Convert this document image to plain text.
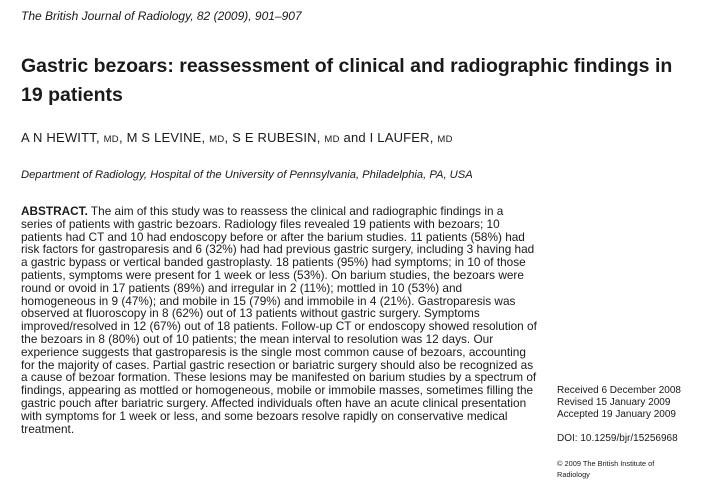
The British Journal of Radiology, 82 (2009), 901–907
Gastric bezoars: reassessment of clinical and radiographic findings in 19 patients
A N HEWITT, MD, M S LEVINE, MD, S E RUBESIN, MD and I LAUFER, MD
Department of Radiology, Hospital of the University of Pennsylvania, Philadelphia, PA, USA

ABSTRACT. The aim of this study was to reassess the clinical and radiographic findings in a series of patients with gastric bezoars. Radiology files revealed 19 patients with bezoars; 10 patients had CT and 10 had endoscopy before or after the barium studies. 11 patients (58%) had risk factors for gastroparesis and 6 (32%) had had previous gastric surgery, including 3 having had a gastric bypass or vertical banded gastroplasty. 18 patients (95%) had symptoms; in 10 of those patients, symptoms were present for 1 week or less (53%). On barium studies, the bezoars were round or ovoid in 17 patients (89%) and irregular in 2 (11%); mottled in 10 (53%) and homogeneous in 9 (47%); and mobile in 15 (79%) and immobile in 4 (21%). Gastroparesis was observed at fluoroscopy in 8 (62%) out of 13 patients without gastric surgery. Symptoms improved/resolved in 12 (67%) out of 18 patients. Follow-up CT or endoscopy showed resolution of the bezoars in 8 (80%) out of 10 patients; the mean interval to resolution was 12 days. Our experience suggests that gastroparesis is the single most common cause of bezoars, accounting for the majority of cases. Partial gastric resection or bariatric surgery should also be recognized as a cause of bezoar formation. These lesions may be manifested on barium studies by a spectrum of findings, appearing as mottled or homogeneous, mobile or immobile masses, sometimes filling the gastric pouch after bariatric surgery. Affected individuals often have an acute clinical presentation with symptoms for 1 week or less, and some bezoars resolve rapidly on conservative medical treatment.

Received 6 December 2008
Revised 15 January 2009
Accepted 19 January 2009
DOI: 10.1259/bjr/15256968
© 2009 The British Institute of Radiology
